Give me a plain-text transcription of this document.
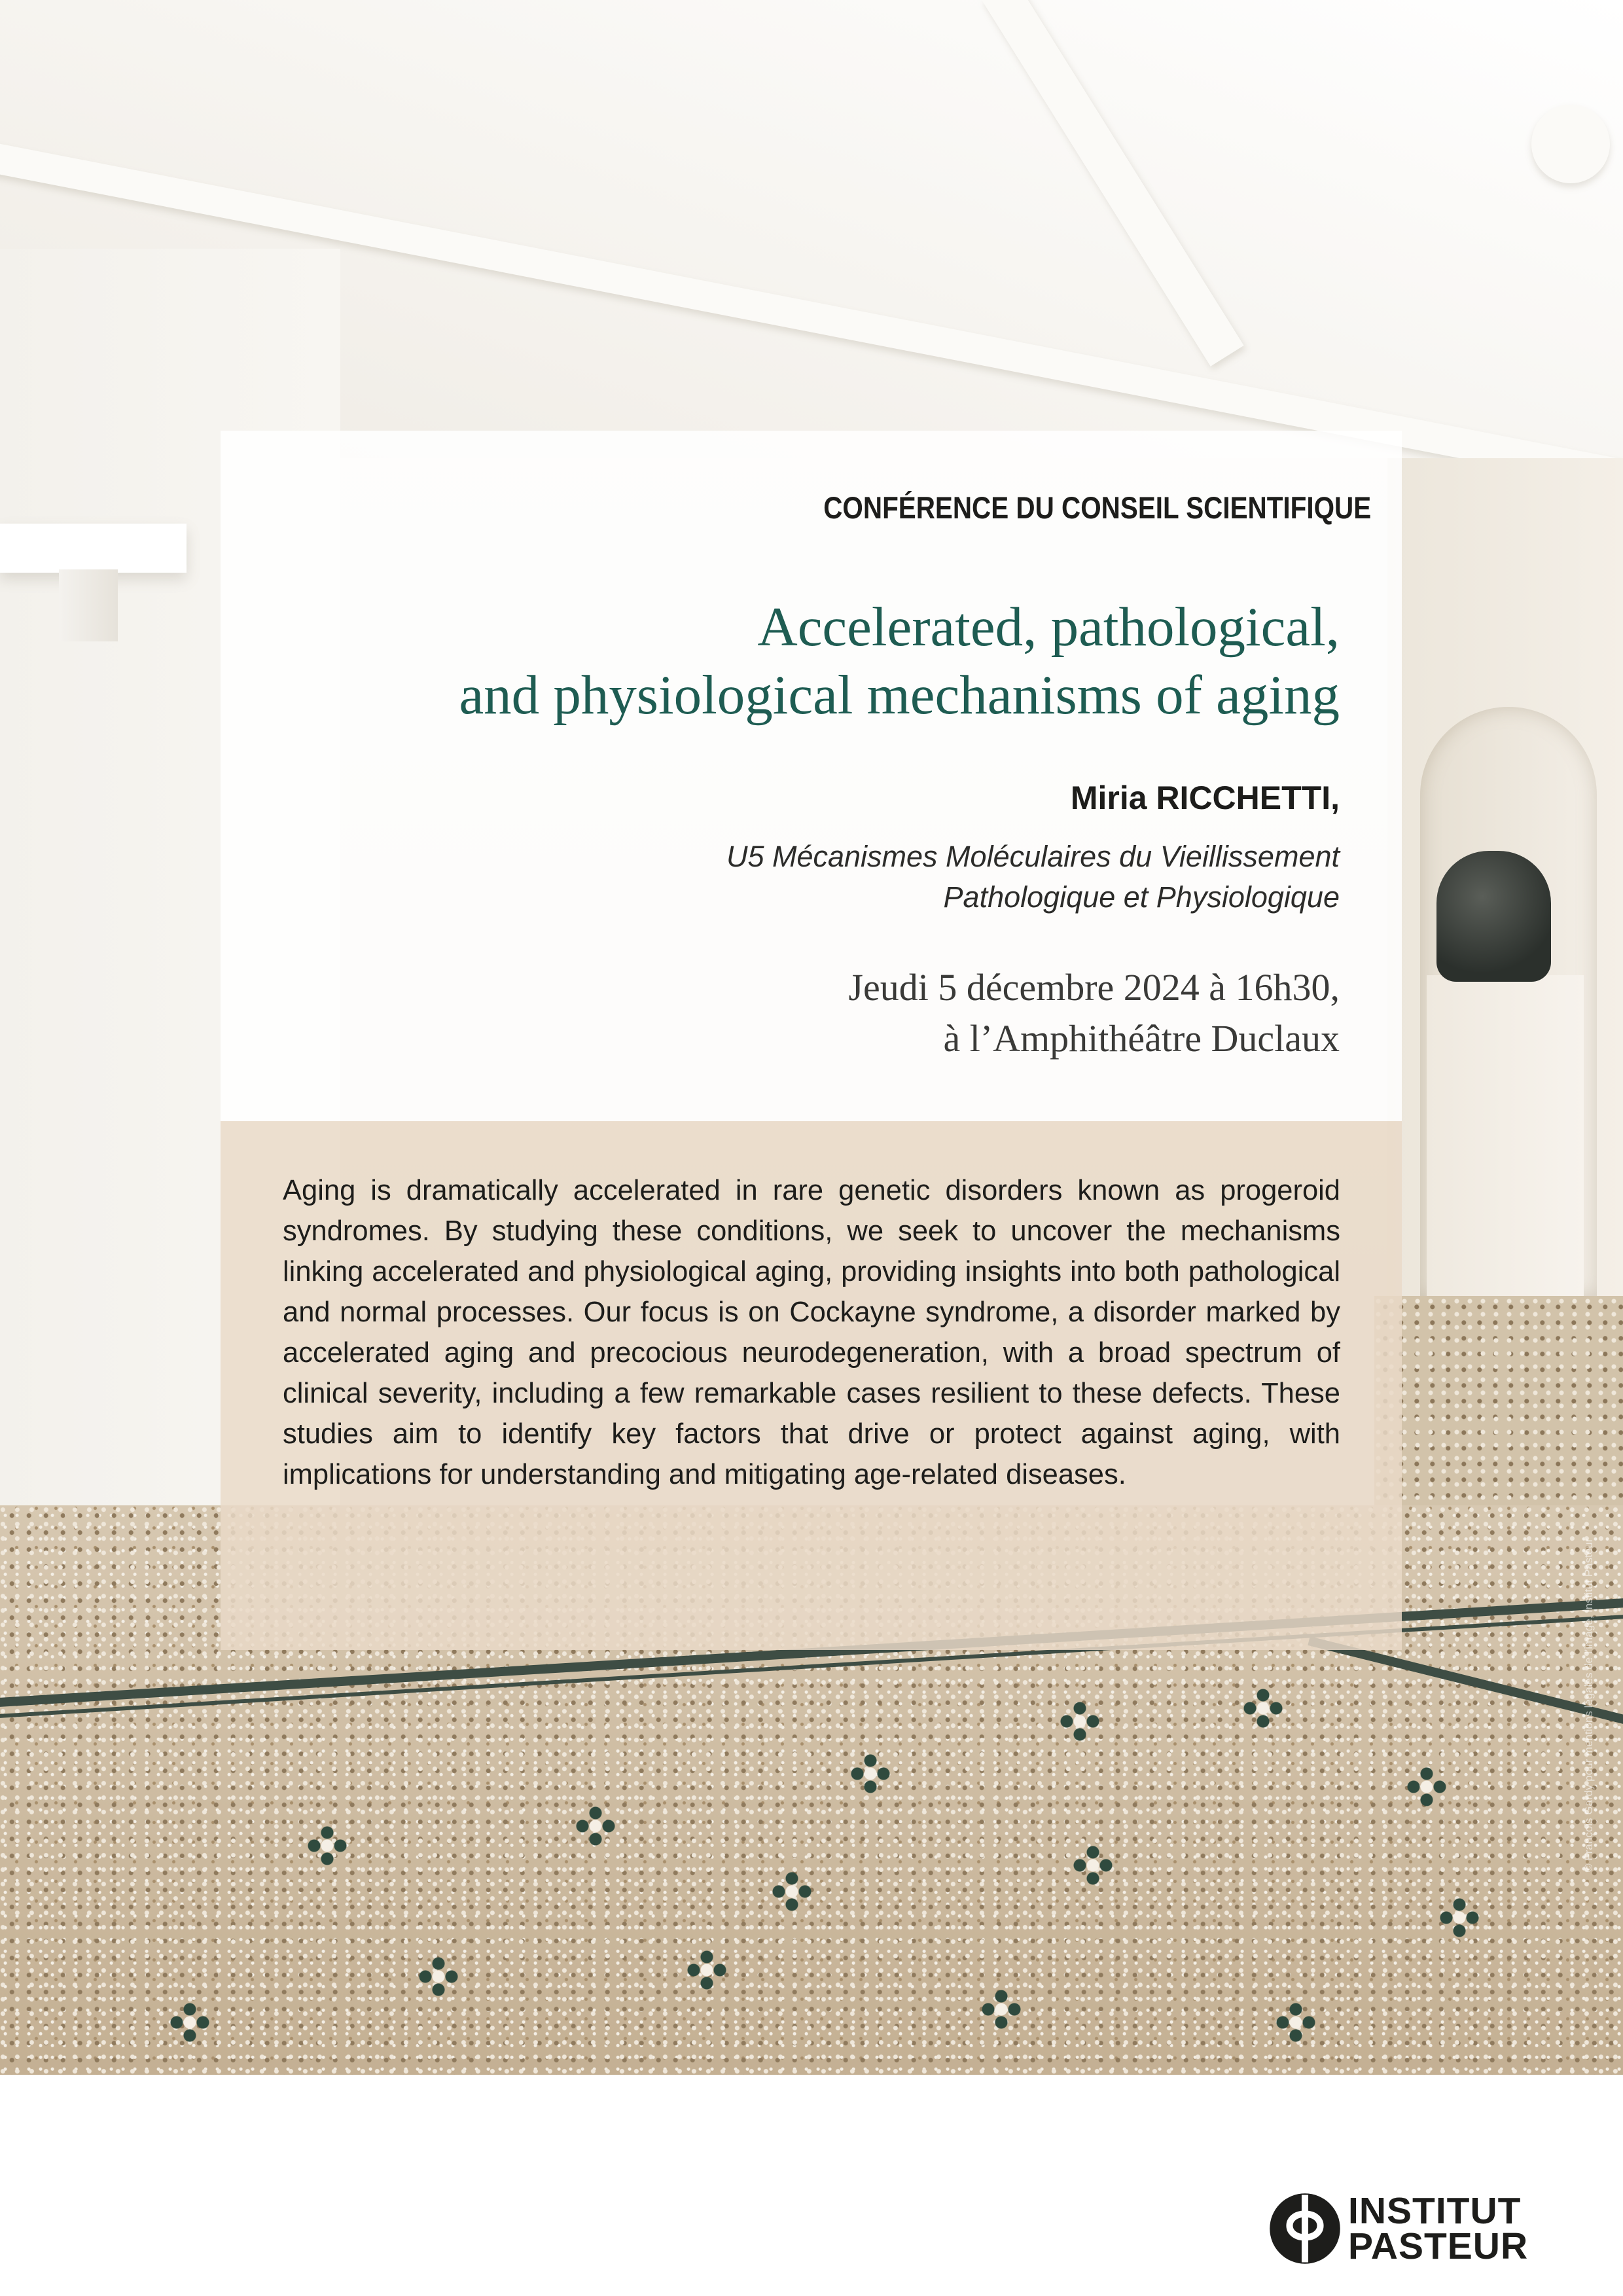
© François Gardy pour mentions légales de l’image, Institut Pasteur
CONFÉRENCE DU CONSEIL SCIENTIFIQUE
Accelerated, pathological,
and physiological mechanisms of aging
Miria RICCHETTI,
U5 Mécanismes Moléculaires du Vieillissement
Pathologique et Physiologique
Jeudi 5 décembre 2024 à 16h30,
à l’Amphithéâtre Duclaux
Aging is dramatically accelerated in rare genetic disorders known as progeroid syndromes. By studying these conditions, we seek to uncover the mechanisms linking accelerated and physiological aging, providing insights into both pathological and normal processes. Our focus is on Cockayne syndrome, a disorder marked by accelerated aging and precocious neurodegeneration, with a broad spectrum of clinical severity, including a few remarkable cases resilient to these defects. These studies aim to identify key factors that drive or protect against aging, with implications for understanding and mitigating age-related diseases.
INSTITUT
PASTEUR
